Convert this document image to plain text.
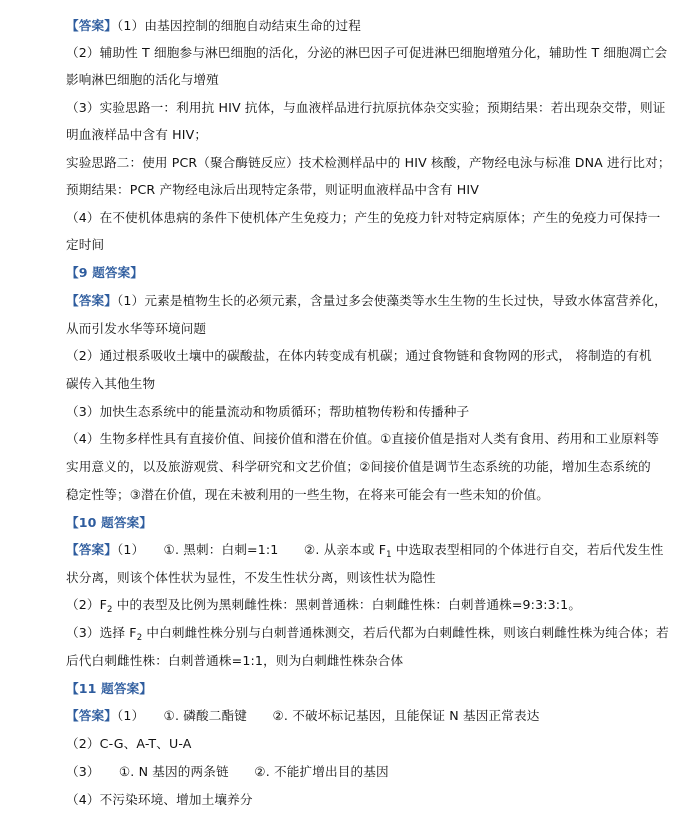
【答案】（1）由基因控制的细胞自动结束生命的过程
（2）辅助性 T 细胞参与淋巴细胞的活化，分泌的淋巴因子可促进淋巴细胞增殖分化，辅助性 T 细胞凋亡会
影响淋巴细胞的活化与增殖
（3）实验思路一：利用抗 HIV 抗体，与血液样品进行抗原抗体杂交实验；预期结果：若出现杂交带，则证
明血液样品中含有 HIV；
实验思路二：使用 PCR（聚合酶链反应）技术检测样品中的 HIV 核酸，产物经电泳与标准 DNA 进行比对；
预期结果：PCR 产物经电泳后出现特定条带，则证明血液样品中含有 HIV
（4）在不使机体患病的条件下使机体产生免疫力；产生的免疫力针对特定病原体；产生的免疫力可保持一
定时间
【9 题答案】
【答案】（1）元素是植物生长的必须元素，含量过多会使藻类等水生生物的生长过快，导致水体富营养化，
从而引发水华等环境问题
（2）通过根系吸收土壤中的碳酸盐，在体内转变成有机碳；通过食物链和食物网的形式， 将制造的有机
碳传入其他生物
（3）加快生态系统中的能量流动和物质循环；帮助植物传粉和传播种子
（4）生物多样性具有直接价值、间接价值和潜在价值。①直接价值是指对人类有食用、药用和工业原料等
实用意义的，以及旅游观赏、科学研究和文艺价值；②间接价值是调节生态系统的功能，增加生态系统的
稳定性等；③潜在价值，现在未被利用的一些生物，在将来可能会有一些未知的价值。
【10 题答案】
【答案】（1）　　①. 黑刺：白刺=1:1　　②. 从亲本或 $F_1$ 中选取表型相同的个体进行自交，若后代发生性
状分离，则该个体性状为显性，不发生性状分离，则该性状为隐性
$(2)F_2$ 中的表型及比例为黑刺雌性株：黑刺普通株：白刺雌性株：白刺普通株=9:3:3:1。
（3）选择 $F_2$ 中白刺雌性株分别与白刺普通株测交，若后代都为白刺雌性株，则该白刺雌性株为纯合体；若
后代白刺雌性株：白刺普通株=1:1，则为白刺雌性株杂合体
【11 题答案】
【答案】（1）　　①. 磷酸二酯键　　②. 不破坏标记基因，且能保证 N 基因正常表达
（2）C-G、A-T、U-A
（3）　　①. N 基因的两条链　　②. 不能扩增出目的基因
（4）不污染环境、增加土壤养分
